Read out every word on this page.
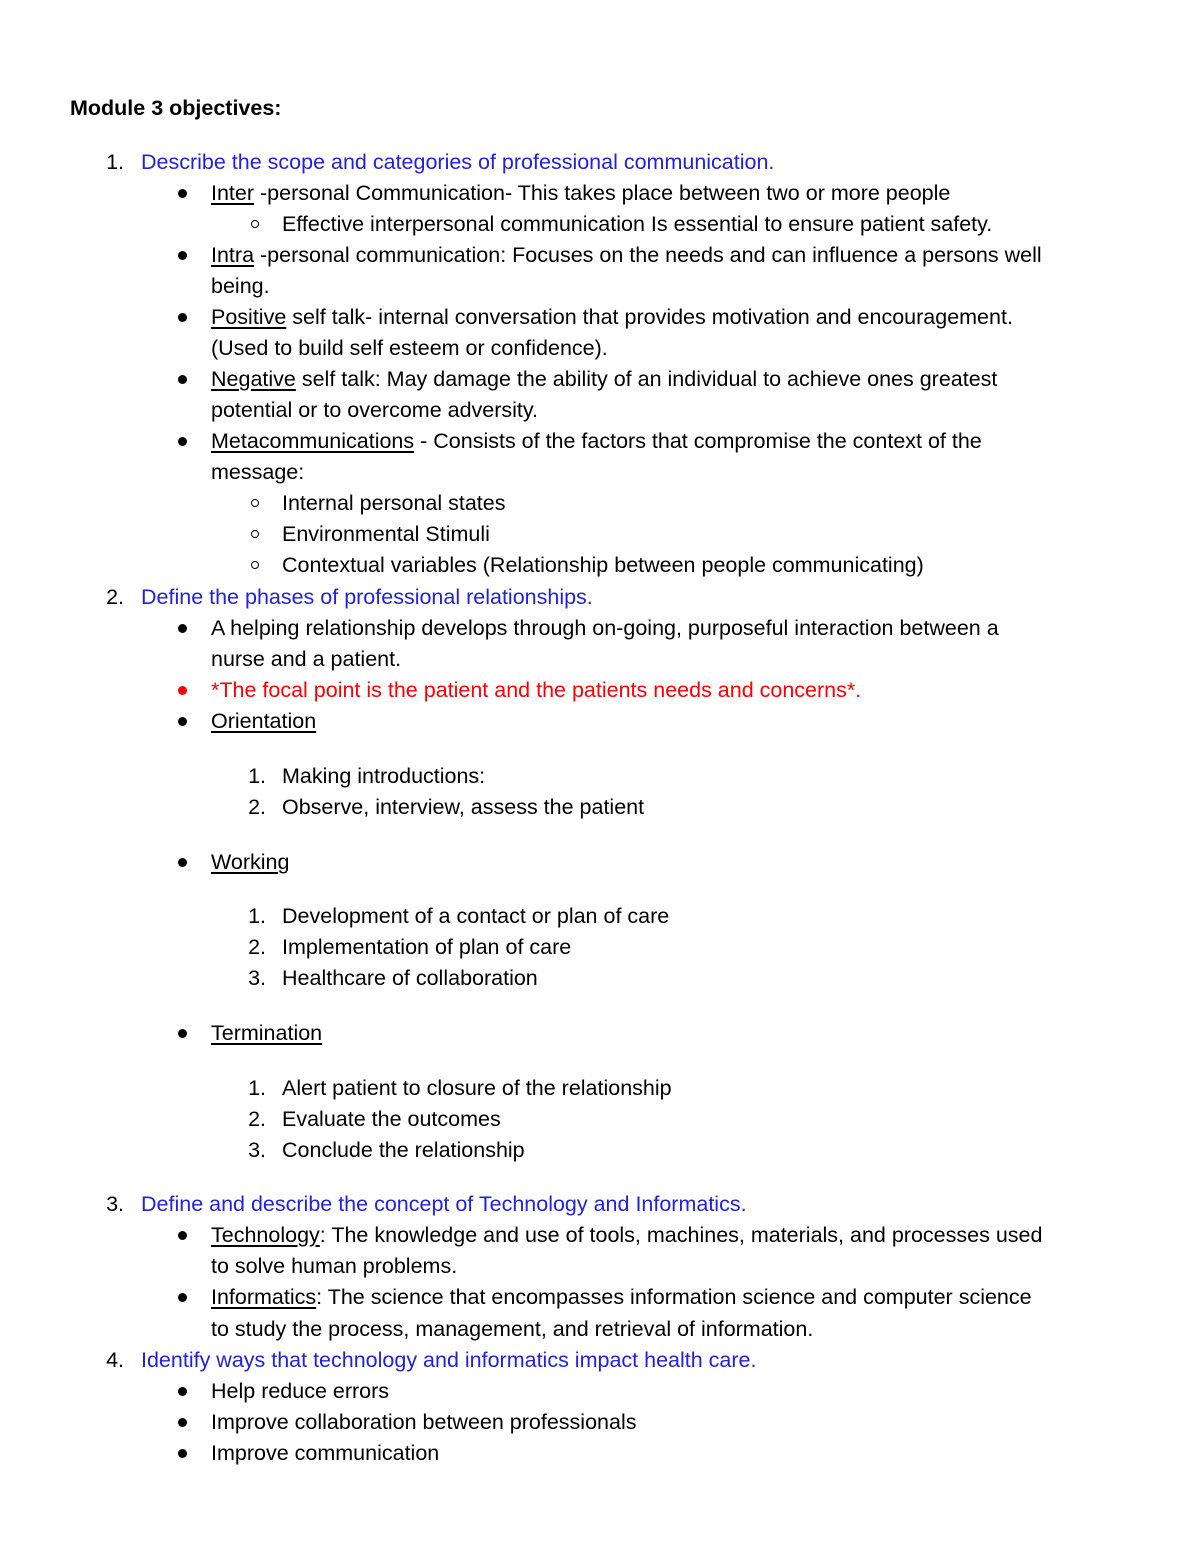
Module 3 objectives:
1. Describe the scope and categories of professional communication.
Inter -personal Communication- This takes place between two or more people
Effective interpersonal communication Is essential to ensure patient safety.
Intra -personal communication: Focuses on the needs and can influence a persons well
being.
Positive self talk- internal conversation that provides motivation and encouragement.
(Used to build self esteem or confidence).
Negative self talk: May damage the ability of an individual to achieve ones greatest
potential or to overcome adversity.
Metacommunications - Consists of the factors that compromise the context of the
message:
Internal personal states
Environmental Stimuli
Contextual variables (Relationship between people communicating)
2. Define the phases of professional relationships.
A helping relationship develops through on-going, purposeful interaction between a
nurse and a patient.
*The focal point is the patient and the patients needs and concerns*.
Orientation
1. Making introductions:
2. Observe, interview, assess the patient
Working
1. Development of a contact or plan of care
2. Implementation of plan of care
3. Healthcare of collaboration
Termination
1. Alert patient to closure of the relationship
2. Evaluate the outcomes
3. Conclude the relationship
3. Define and describe the concept of Technology and Informatics.
Technology: The knowledge and use of tools, machines, materials, and processes used
to solve human problems.
Informatics: The science that encompasses information science and computer science
to study the process, management, and retrieval of information.
4. Identify ways that technology and informatics impact health care.
Help reduce errors
Improve collaboration between professionals
Improve communication
